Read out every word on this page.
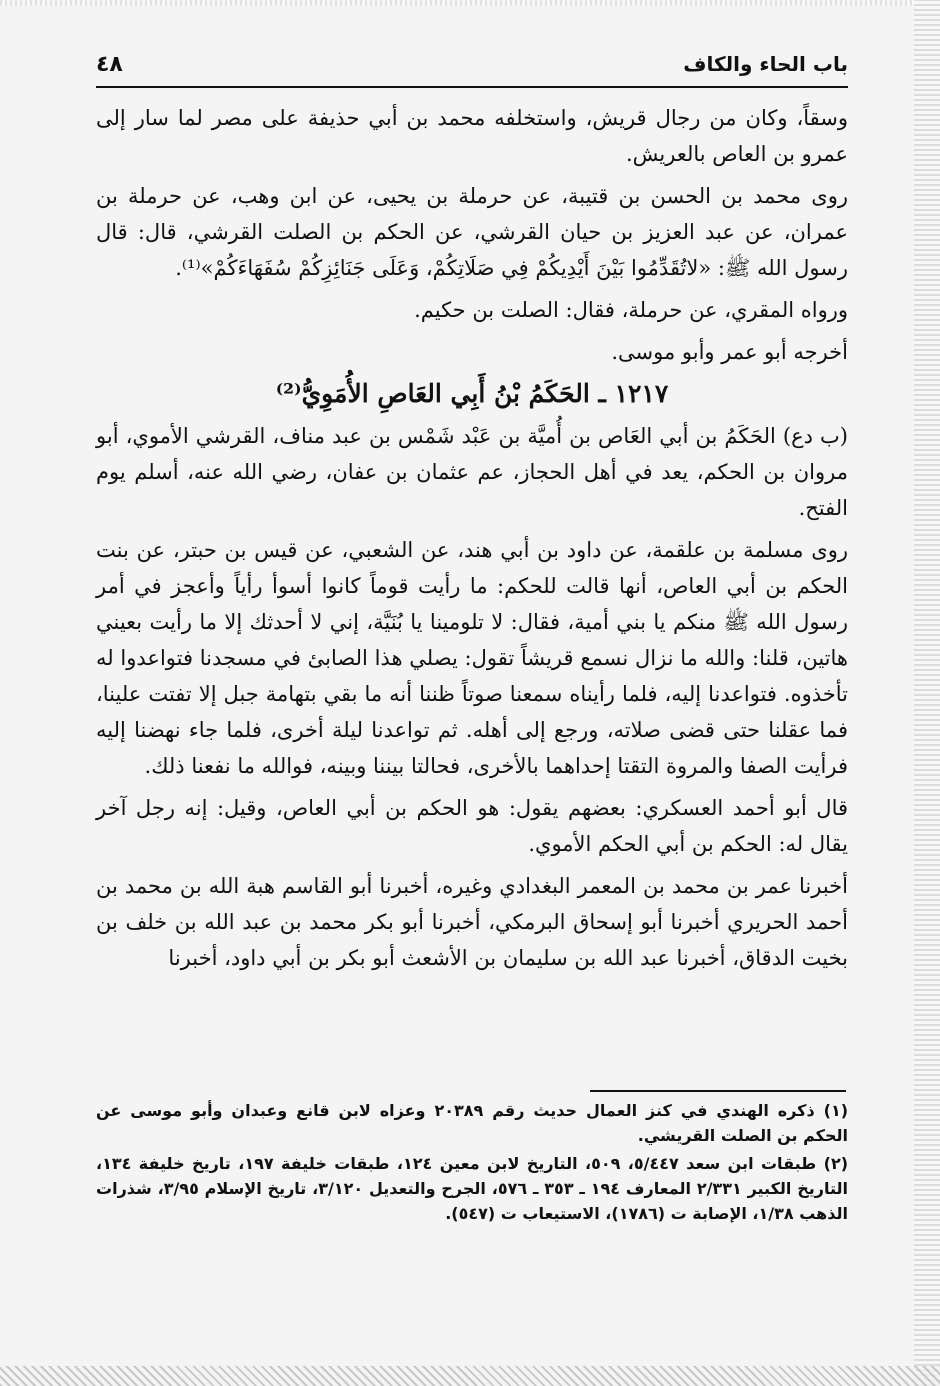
باب الحاء والكاف
٤٨

وسقاً، وكان من رجال قريش، واستخلفه محمد بن أبي حذيفة على مصر لما سار إلى عمرو بن العاص بالعريش.

روى محمد بن الحسن بن قتيبة، عن حرملة بن يحيى، عن ابن وهب، عن حرملة بن عمران، عن عبد العزيز بن حيان القرشي، عن الحكم بن الصلت القرشي، قال: قال رسول الله ﷺ: «لاتُقَدِّمُوا بَيْنَ أَيْدِيكُمْ فِي صَلَاتِكُمْ، وَعَلَى جَنَائِزِكُمْ سُفَهَاءَكُمْ»⁽¹⁾.

ورواه المقري، عن حرملة، فقال: الصلت بن حكيم.

أخرجه أبو عمر وأبو موسى.

١٢١٧ ـ الحَكَمُ بْنُ أَبِي العَاصِ الأُمَوِيُّ⁽²⁾

(ب دع) الحَكَمُ بن أبي العَاص بن أُميَّة بن عَبْد شَمْس بن عبد مناف، القرشي الأموي، أبو مروان بن الحكم، يعد في أهل الحجاز، عم عثمان بن عفان، رضي الله عنه، أسلم يوم الفتح.

روى مسلمة بن علقمة، عن داود بن أبي هند، عن الشعبي، عن قيس بن حبتر، عن بنت الحكم بن أبي العاص، أنها قالت للحكم: ما رأيت قوماً كانوا أسوأ رأياً وأعجز في أمر رسول الله ﷺ منكم يا بني أمية، فقال: لا تلومينا يا بُنَيَّة، إني لا أحدثك إلا ما رأيت بعيني هاتين، قلنا: والله ما نزال نسمع قريشاً تقول: يصلي هذا الصابئ في مسجدنا فتواعدوا له تأخذوه. فتواعدنا إليه، فلما رأيناه سمعنا صوتاً ظننا أنه ما بقي بتهامة جبل إلا تفتت علينا، فما عقلنا حتى قضى صلاته، ورجع إلى أهله. ثم تواعدنا ليلة أخرى، فلما جاء نهضنا إليه فرأيت الصفا والمروة التقتا إحداهما بالأخرى، فحالتا بيننا وبينه، فوالله ما نفعنا ذلك.

قال أبو أحمد العسكري: بعضهم يقول: هو الحكم بن أبي العاص، وقيل: إنه رجل آخر يقال له: الحكم بن أبي الحكم الأموي.

أخبرنا عمر بن محمد بن المعمر البغدادي وغيره، أخبرنا أبو القاسم هبة الله بن محمد بن أحمد الحريري أخبرنا أبو إسحاق البرمكي، أخبرنا أبو بكر محمد بن عبد الله بن خلف بن بخيت الدقاق، أخبرنا عبد الله بن سليمان بن الأشعث أبو بكر بن أبي داود، أخبرنا

(١) ذكره الهندي في كنز العمال حديث رقم ٢٠٣٨٩ وعزاه لابن قانع وعبدان وأبو موسى عن الحكم بن الصلت القريشي.

(٢) طبقات ابن سعد ٥/٤٤٧، ٥٠٩، التاريخ لابن معين ١٢٤، طبقات خليفة ١٩٧، تاريخ خليفة ١٣٤، التاريخ الكبير ٢/٣٣١ المعارف ١٩٤ ـ ٣٥٣ ـ ٥٧٦، الجرح والتعديل ٣/١٢٠، تاريخ الإسلام ٣/٩٥، شذرات الذهب ١/٣٨، الإصابة ت (١٧٨٦)، الاستيعاب ت (٥٤٧).
